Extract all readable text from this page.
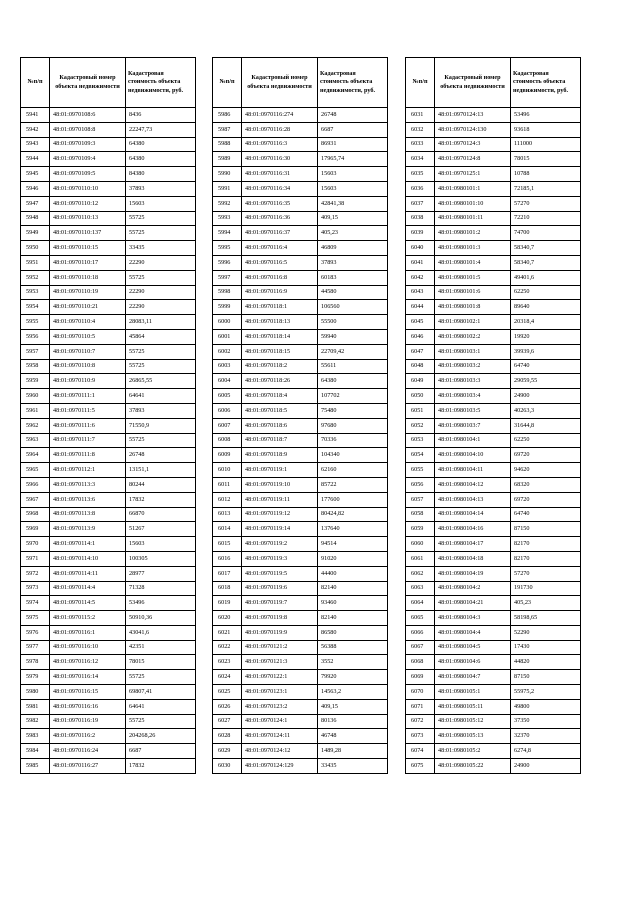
№п/п	Кадастровый номер объекта недвижимости	Кадастровая стоимость объекта недвижимости, руб.
5941	48:01:0970108:6	8436
5942	48:01:0970108:8	22247,73
5943	48:01:0970109:3	64380
5944	48:01:0970109:4	64380
5945	48:01:0970109:5	84380
5946	48:01:0970110:10	37893
5947	48:01:0970110:12	15603
5948	48:01:0970110:13	55725
5949	48:01:0970110:137	55725
5950	48:01:0970110:15	33435
5951	48:01:0970110:17	22290
5952	48:01:0970110:18	55725
5953	48:01:0970110:19	22290
5954	48:01:0970110:21	22290
5955	48:01:0970110:4	28083,11
5956	48:01:0970110:5	45864
5957	48:01:0970110:7	55725
5958	48:01:0970110:8	55725
5959	48:01:0970110:9	26865,55
5960	48:01:0970111:1	64641
5961	48:01:0970111:5	37893
5962	48:01:0970111:6	71550,9
5963	48:01:0970111:7	55725
5964	48:01:0970111:8	26748
5965	48:01:0970112:1	13151,1
5966	48:01:0970113:3	80244
5967	48:01:0970113:6	17832
5968	48:01:0970113:8	66870
5969	48:01:0970113:9	51267
5970	48:01:0970114:1	15603
5971	48:01:0970114:10	100305
5972	48:01:0970114:11	28977
5973	48:01:0970114:4	71328
5974	48:01:0970114:5	53496
5975	48:01:0970115:2	50910,36
5976	48:01:0970116:1	43041,6
5977	48:01:0970116:10	42351
5978	48:01:0970116:12	78015
5979	48:01:0970116:14	55725
5980	48:01:0970116:15	69807,41
5981	48:01:0970116:16	64641
5982	48:01:0970116:19	55725
5983	48:01:0970116:2	204268,26
5984	48:01:0970116:24	6687
5985	48:01:0970116:27	17832
№п/п	Кадастровый номер объекта недвижимости	Кадастровая стоимость объекта недвижимости, руб.
5986	48:01:0970116:274	26748
5987	48:01:0970116:28	6687
5988	48:01:0970116:3	86931
5989	48:01:0970116:30	17965,74
5990	48:01:0970116:31	15603
5991	48:01:0970116:34	15603
5992	48:01:0970116:35	42841,38
5993	48:01:0970116:36	409,15
5994	48:01:0970116:37	405,23
5995	48:01:0970116:4	46809
5996	48:01:0970116:5	37893
5997	48:01:0970116:8	60183
5998	48:01:0970116:9	44580
5999	48:01:0970118:1	106560
6000	48:01:0970118:13	55500
6001	48:01:0970118:14	59940
6002	48:01:0970118:15	22709,42
6003	48:01:0970118:2	55611
6004	48:01:0970118:26	64380
6005	48:01:0970118:4	107702
6006	48:01:0970118:5	75480
6007	48:01:0970118:6	97680
6008	48:01:0970118:7	70336
6009	48:01:0970118:9	104340
6010	48:01:0970119:1	62160
6011	48:01:0970119:10	85722
6012	48:01:0970119:11	177600
6013	48:01:0970119:12	80424,82
6014	48:01:0970119:14	137640
6015	48:01:0970119:2	94514
6016	48:01:0970119:3	91020
6017	48:01:0970119:5	44400
6018	48:01:0970119:6	82140
6019	48:01:0970119:7	93460
6020	48:01:0970119:8	82140
6021	48:01:0970119:9	86580
6022	48:01:0970121:2	56388
6023	48:01:0970121:3	3552
6024	48:01:0970122:1	79920
6025	48:01:0970123:1	14563,2
6026	48:01:0970123:2	409,15
6027	48:01:0970124:1	80136
6028	48:01:0970124:11	46748
6029	48:01:0970124:12	1489,28
6030	48:01:0970124:129	33435
№п/п	Кадастровый номер объекта недвижимости	Кадастровая стоимость объекта недвижимости, руб.
6031	48:01:0970124:13	53496
6032	48:01:0970124:130	93618
6033	48:01:0970124:3	111000
6034	48:01:0970124:8	78015
6035	48:01:0970125:1	10788
6036	48:01:0980101:1	72185,1
6037	48:01:0980101:10	57270
6038	48:01:0980101:11	72210
6039	48:01:0980101:2	74700
6040	48:01:0980101:3	58340,7
6041	48:01:0980101:4	58340,7
6042	48:01:0980101:5	49401,6
6043	48:01:0980101:6	62250
6044	48:01:0980101:8	89640
6045	48:01:0980102:1	20318,4
6046	48:01:0980102:2	19920
6047	48:01:0980103:1	39939,6
6048	48:01:0980103:2	64740
6049	48:01:0980103:3	29059,55
6050	48:01:0980103:4	24900
6051	48:01:0980103:5	40263,3
6052	48:01:0980103:7	31644,8
6053	48:01:0980104:1	62250
6054	48:01:0980104:10	69720
6055	48:01:0980104:11	94620
6056	48:01:0980104:12	68320
6057	48:01:0980104:13	69720
6058	48:01:0980104:14	64740
6059	48:01:0980104:16	87150
6060	48:01:0980104:17	82170
6061	48:01:0980104:18	82170
6062	48:01:0980104:19	57270
6063	48:01:0980104:2	191730
6064	48:01:0980104:21	405,23
6065	48:01:0980104:3	58198,65
6066	48:01:0980104:4	52290
6067	48:01:0980104:5	17430
6068	48:01:0980104:6	44820
6069	48:01:0980104:7	87150
6070	48:01:0980105:1	55975,2
6071	48:01:0980105:11	49800
6072	48:01:0980105:12	37350
6073	48:01:0980105:13	32370
6074	48:01:0980105:2	6274,8
6075	48:01:0980105:22	24900
